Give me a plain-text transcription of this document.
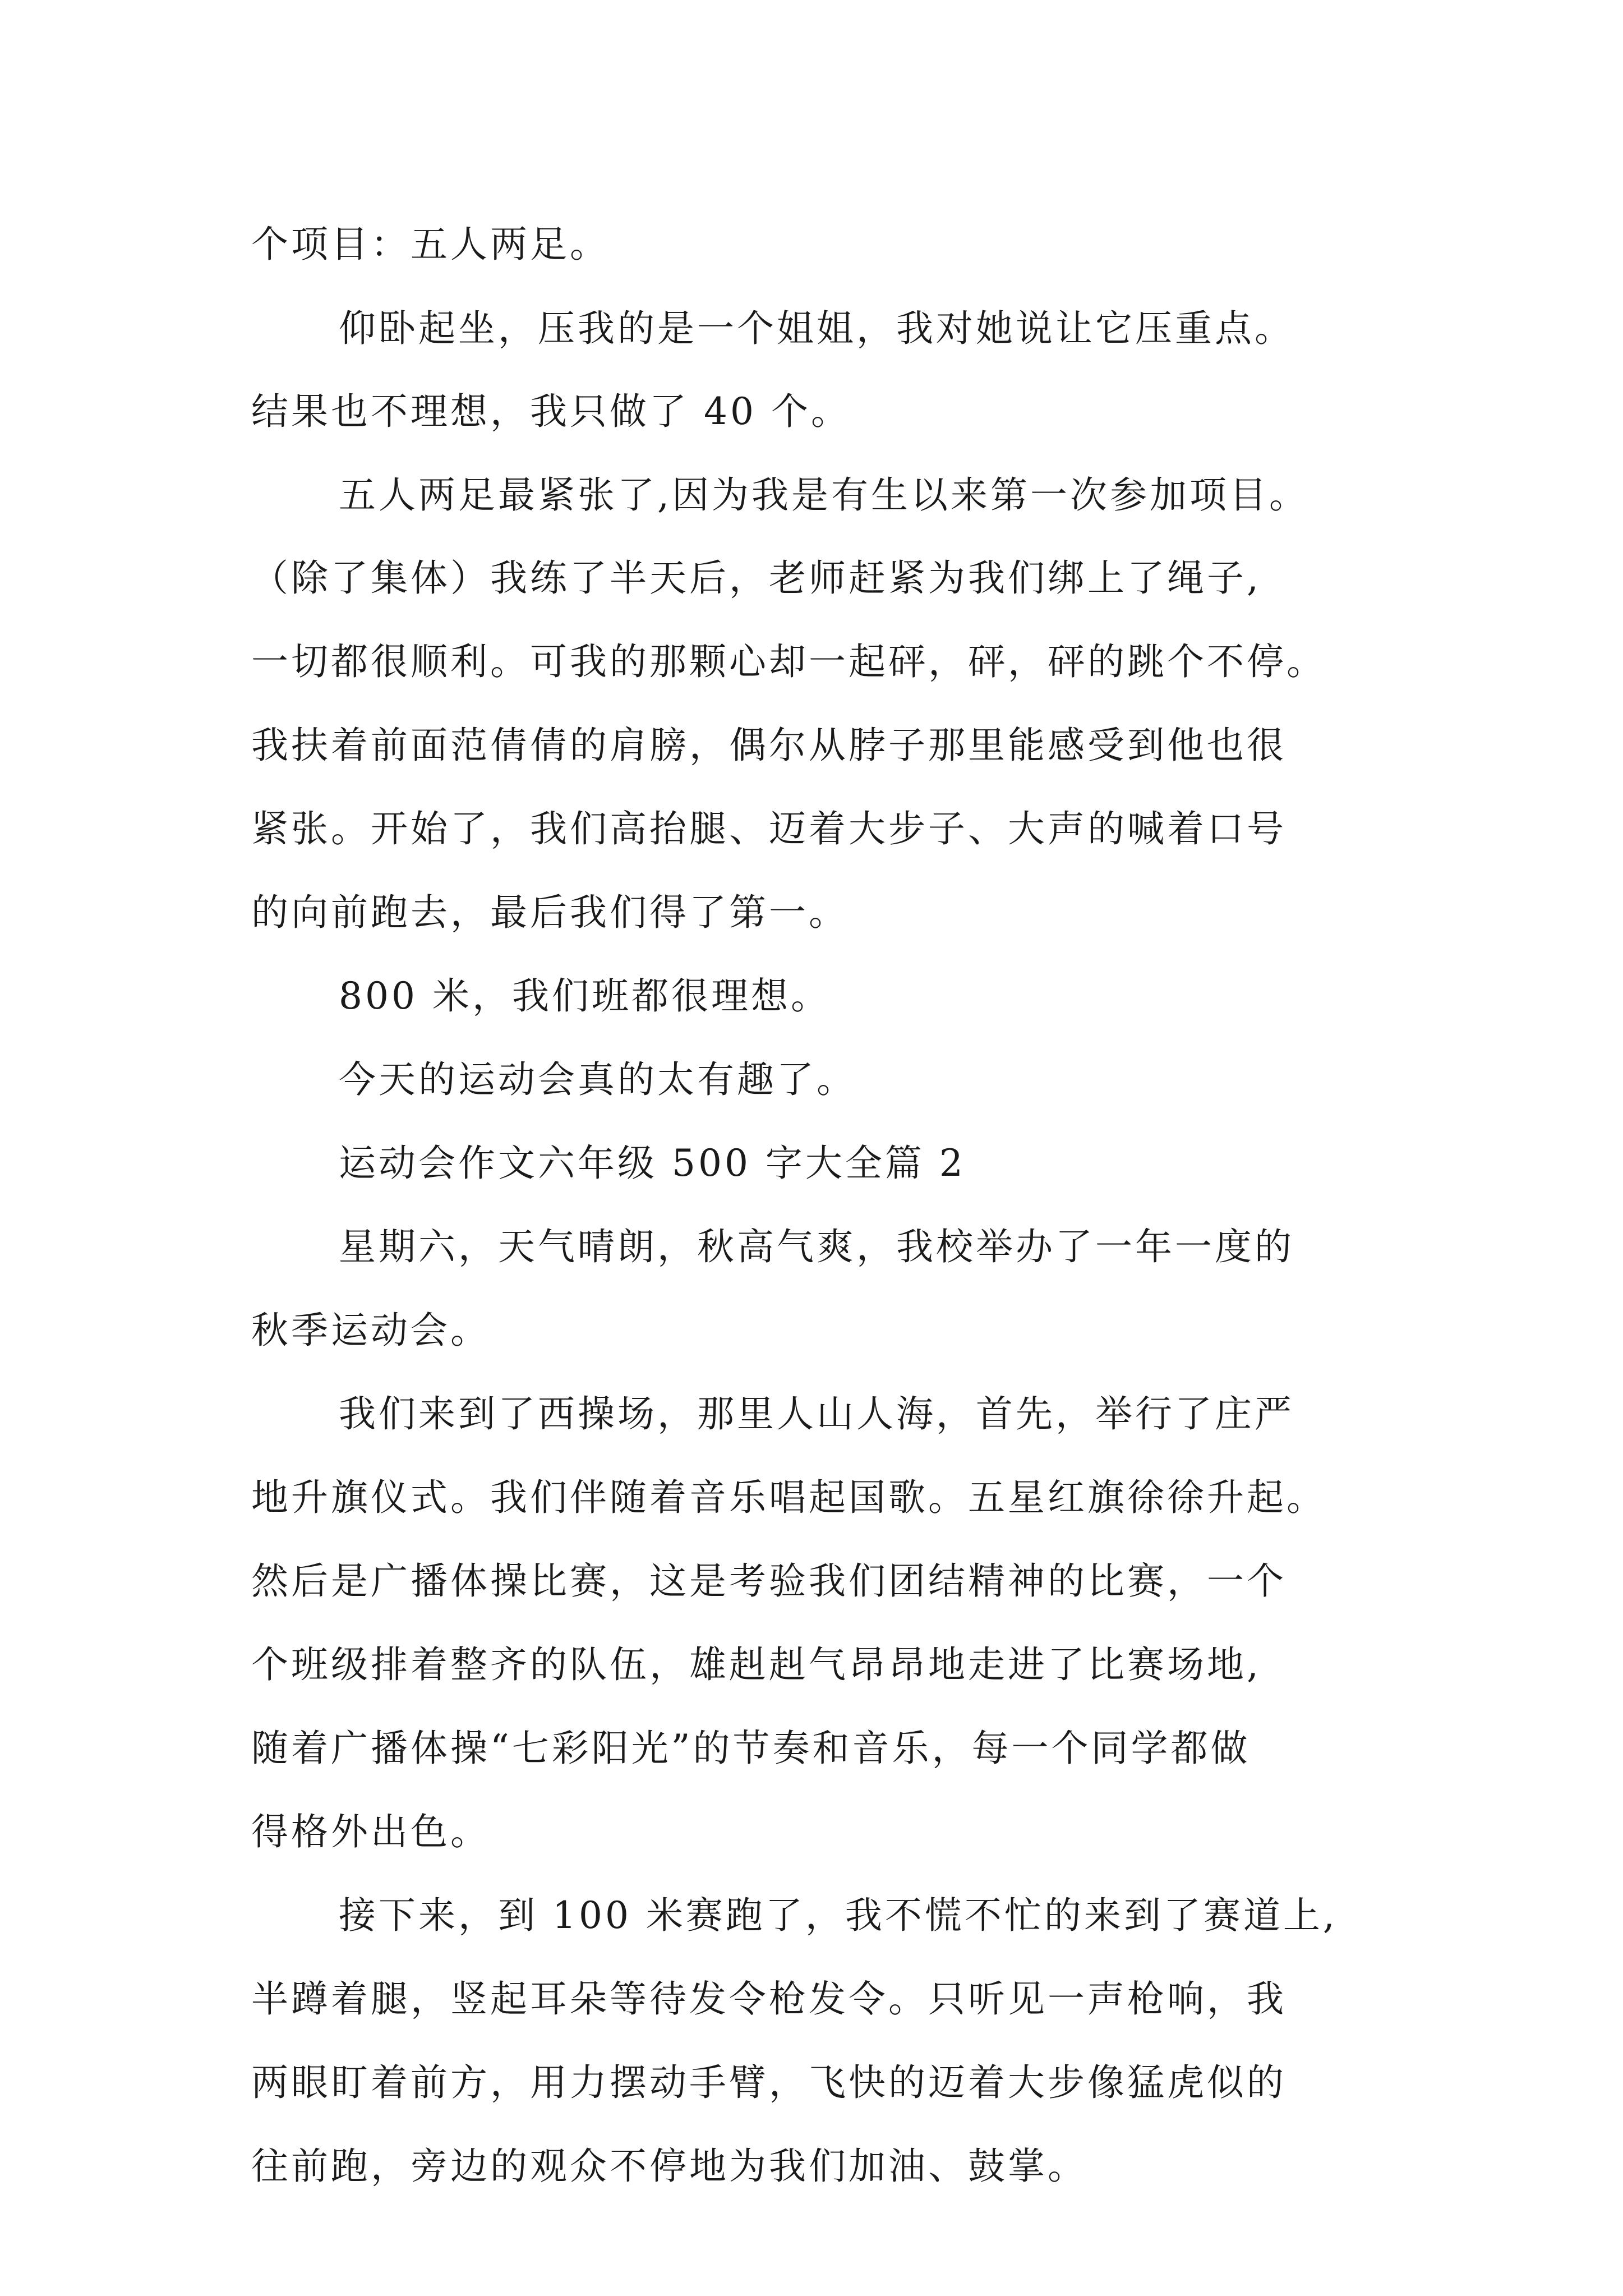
个项目：五人两足。
仰卧起坐，压我的是一个姐姐，我对她说让它压重点。
结果也不理想，我只做了 40 个。
五人两足最紧张了,因为我是有生以来第一次参加项目。
（除了集体）我练了半天后，老师赶紧为我们绑上了绳子,
一切都很顺利。可我的那颗心却一起砰，砰，砰的跳个不停。
我扶着前面范倩倩的肩膀，偶尔从脖子那里能感受到他也很
紧张。开始了，我们高抬腿、迈着大步子、大声的喊着口号
的向前跑去，最后我们得了第一。
800 米，我们班都很理想。
今天的运动会真的太有趣了。
运动会作文六年级 500 字大全篇 2
星期六，天气晴朗，秋高气爽，我校举办了一年一度的
秋季运动会。
我们来到了西操场，那里人山人海，首先，举行了庄严
地升旗仪式。我们伴随着音乐唱起国歌。五星红旗徐徐升起。
然后是广播体操比赛，这是考验我们团结精神的比赛，一个
个班级排着整齐的队伍，雄赳赳气昂昂地走进了比赛场地,
随着广播体操“七彩阳光”的节奏和音乐，每一个同学都做
得格外出色。
接下来，到 100 米赛跑了，我不慌不忙的来到了赛道上,
半蹲着腿，竖起耳朵等待发令枪发令。只听见一声枪响，我
两眼盯着前方，用力摆动手臂，飞快的迈着大步像猛虎似的
往前跑，旁边的观众不停地为我们加油、鼓掌。
